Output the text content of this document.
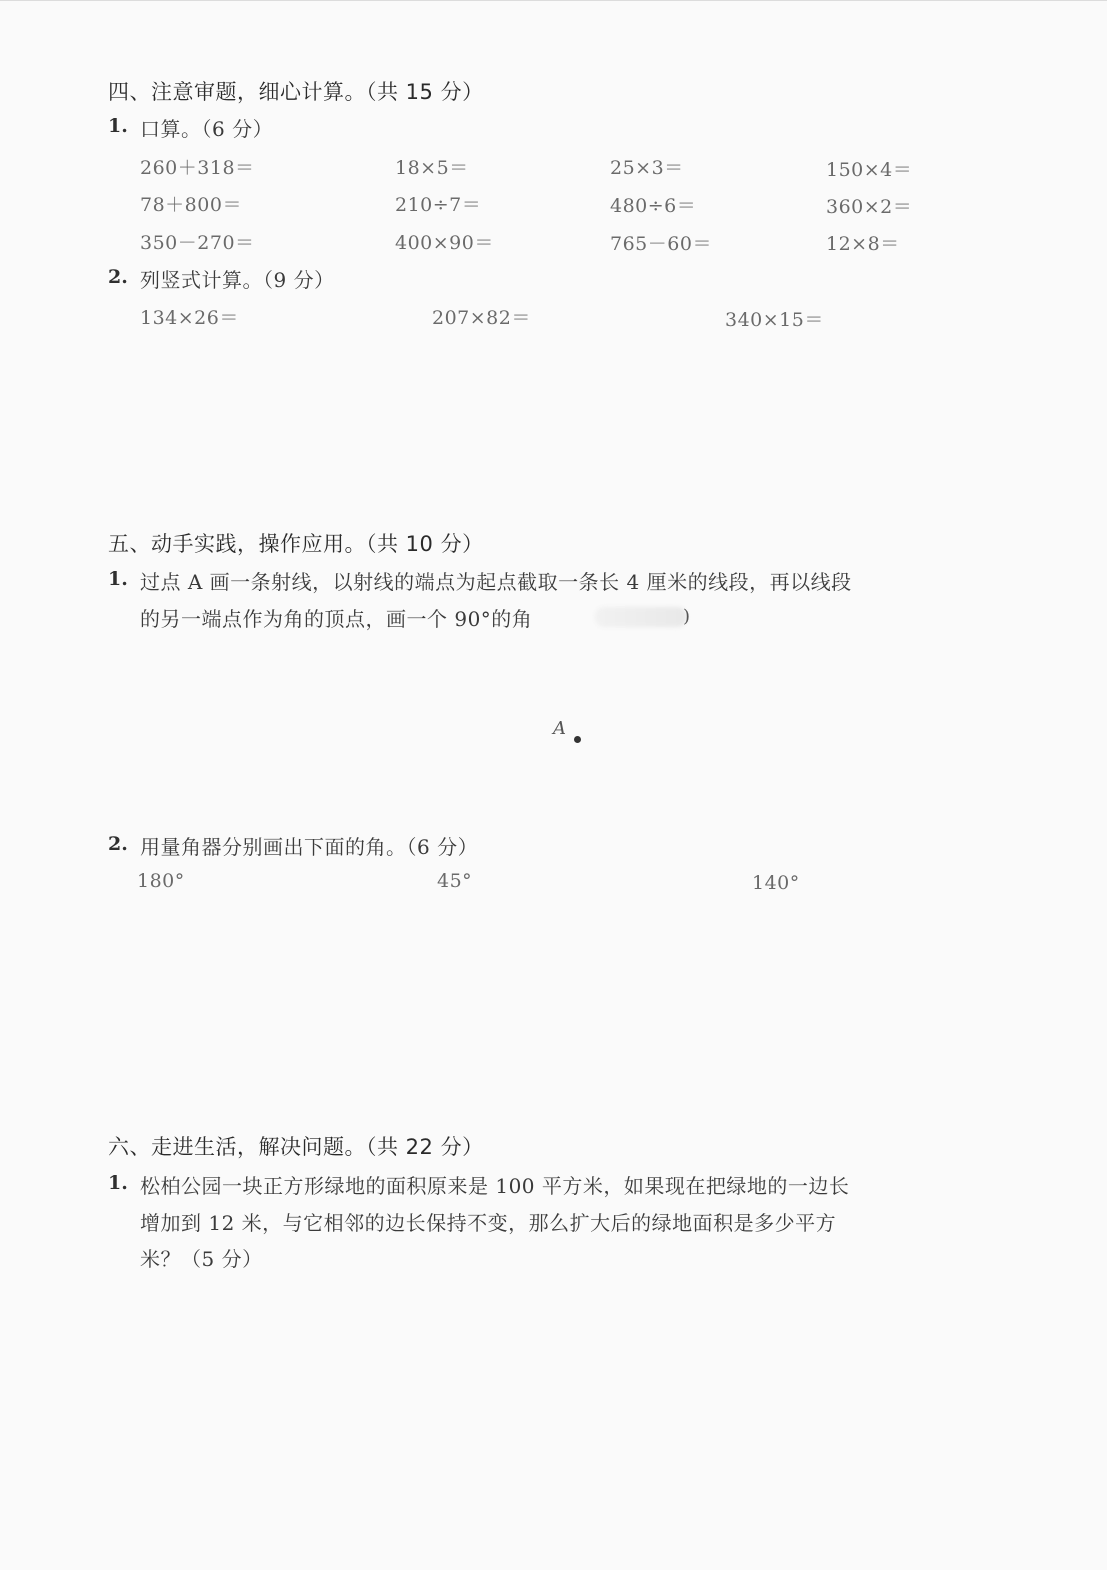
四、注意审题，细心计算。（共 15 分）
1. 口算。（6 分）
260＋318＝	18×5＝	25×3＝	150×4＝
78＋800＝	210÷7＝	480÷6＝	360×2＝
350－270＝	400×90＝	765－60＝	12×8＝
2. 列竖式计算。（9 分）
134×26＝	207×82＝	340×15＝
五、动手实践，操作应用。（共 10 分）
1. 过点 A 画一条射线，以射线的端点为起点截取一条长 4 厘米的线段，再以线段
的另一端点作为角的顶点，画一个 90°的角	)
A
2. 用量角器分别画出下面的角。（6 分）
180°	45°	140°
六、走进生活，解决问题。（共 22 分）
1. 松柏公园一块正方形绿地的面积原来是 100 平方米，如果现在把绿地的一边长
增加到 12 米，与它相邻的边长保持不变，那么扩大后的绿地面积是多少平方
米？（5 分）
